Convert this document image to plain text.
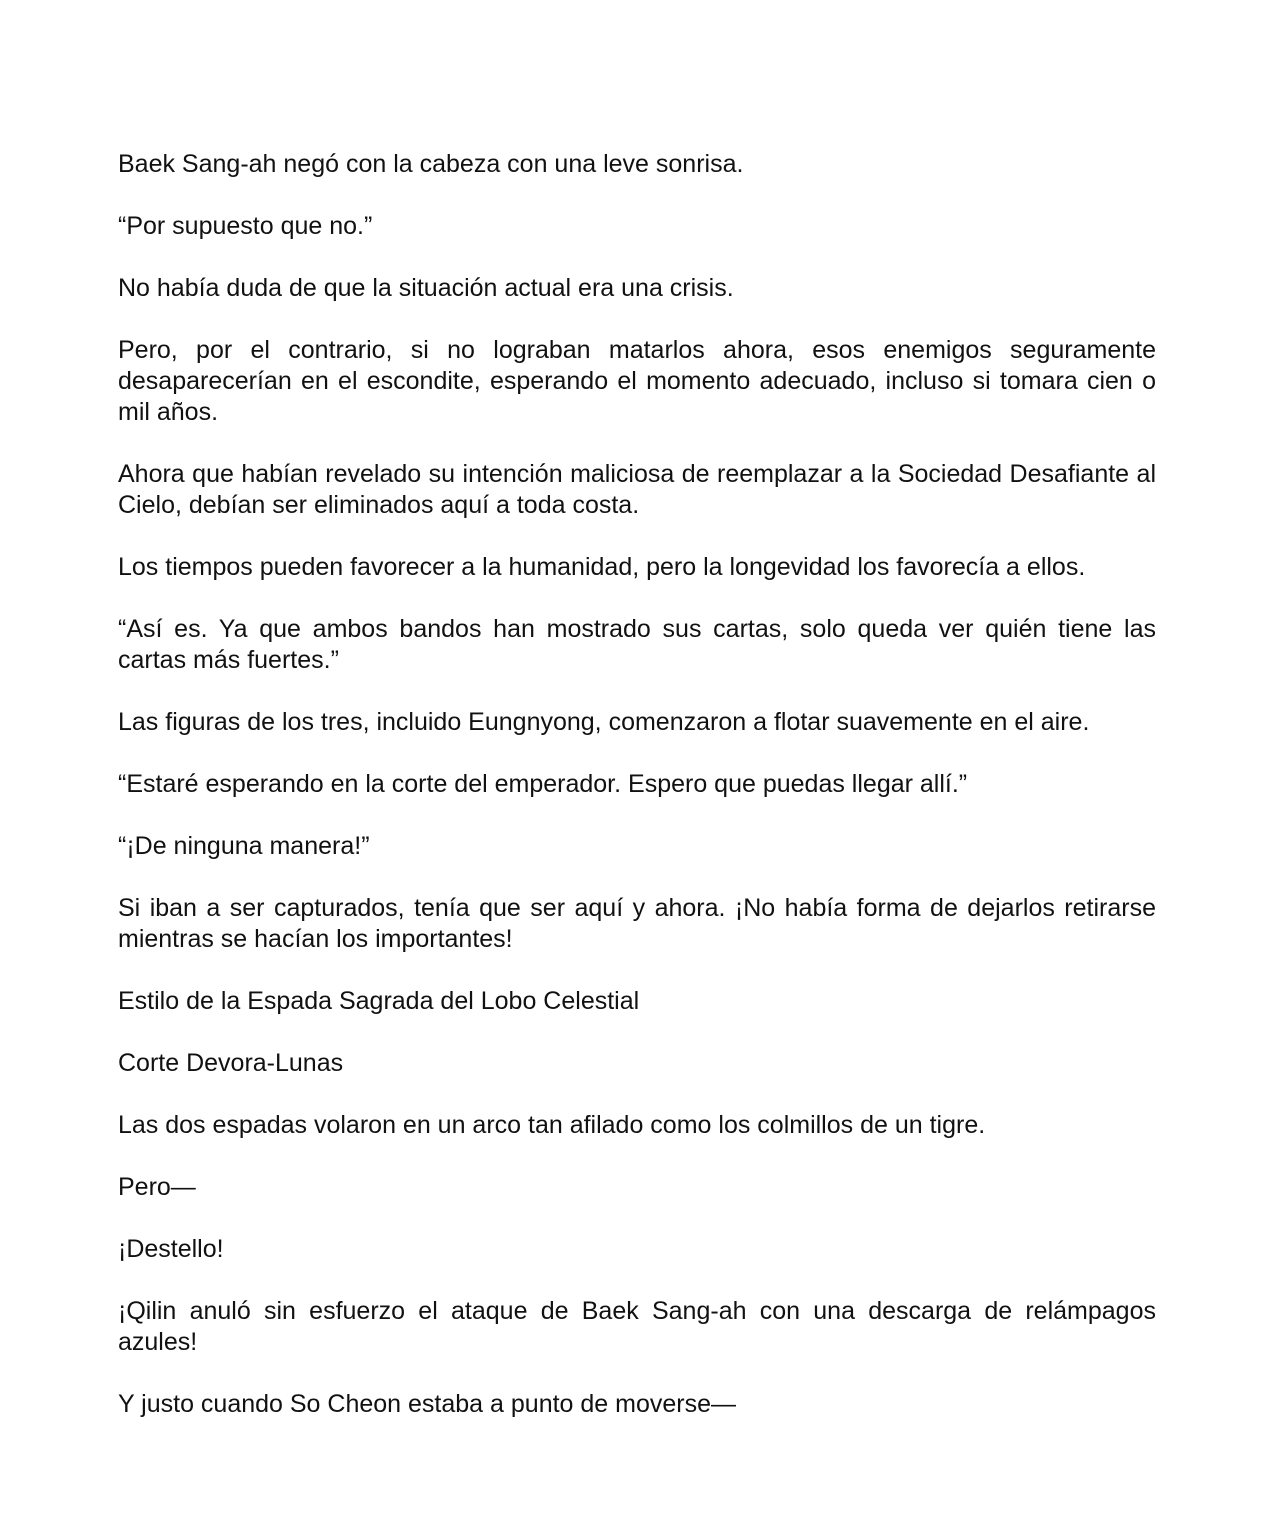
Baek Sang-ah negó con la cabeza con una leve sonrisa.

“Por supuesto que no.”

No había duda de que la situación actual era una crisis.

Pero, por el contrario, si no lograban matarlos ahora, esos enemigos seguramente desaparecerían en el escondite, esperando el momento adecuado, incluso si tomara cien o mil años.

Ahora que habían revelado su intención maliciosa de reemplazar a la Sociedad Desafiante al Cielo, debían ser eliminados aquí a toda costa.

Los tiempos pueden favorecer a la humanidad, pero la longevidad los favorecía a ellos.

“Así es. Ya que ambos bandos han mostrado sus cartas, solo queda ver quién tiene las cartas más fuertes.”

Las figuras de los tres, incluido Eungnyong, comenzaron a flotar suavemente en el aire.

“Estaré esperando en la corte del emperador. Espero que puedas llegar allí.”

“¡De ninguna manera!”

Si iban a ser capturados, tenía que ser aquí y ahora. ¡No había forma de dejarlos retirarse mientras se hacían los importantes!

Estilo de la Espada Sagrada del Lobo Celestial

Corte Devora-Lunas

Las dos espadas volaron en un arco tan afilado como los colmillos de un tigre.

Pero—

¡Destello!

¡Qilin anuló sin esfuerzo el ataque de Baek Sang-ah con una descarga de relámpagos azules!

Y justo cuando So Cheon estaba a punto de moverse—
